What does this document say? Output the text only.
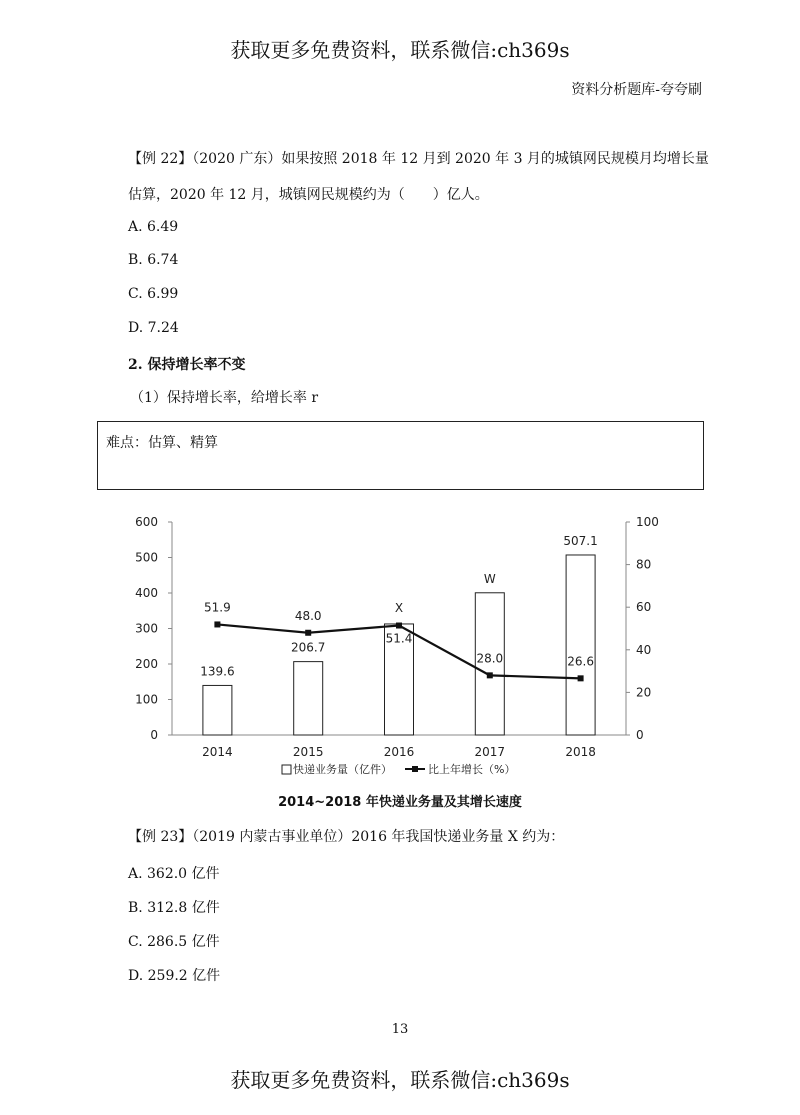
获取更多免费资料，联系微信:ch369s
资料分析题库-夸夸刷
【例 22】（2020 广东）如果按照 2018 年 12 月到 2020 年 3 月的城镇网民规模月均增长量
估算，2020 年 12 月，城镇网民规模约为（　　）亿人。
A. 6.49
B. 6.74
C. 6.99
D. 7.24
2. 保持增长率不变
（1）保持增长率，给增长率 r
难点：估算、精算
0
100
200
300
400
500
600
0
20
40
60
80
100
2014	2015	2016	2017	2018
139.6
206.7
X
W
507.1
51.9
48.0
51.4
28.0	26.6
快递业务量（亿件）	比上年增长（%）
2014~2018 年快递业务量及其增长速度
【例 23】（2019 内蒙古事业单位）2016 年我国快递业务量 X 约为：
A. 362.0 亿件
B. 312.8 亿件
C. 286.5 亿件
D. 259.2 亿件
13
获取更多免费资料，联系微信:ch369s
